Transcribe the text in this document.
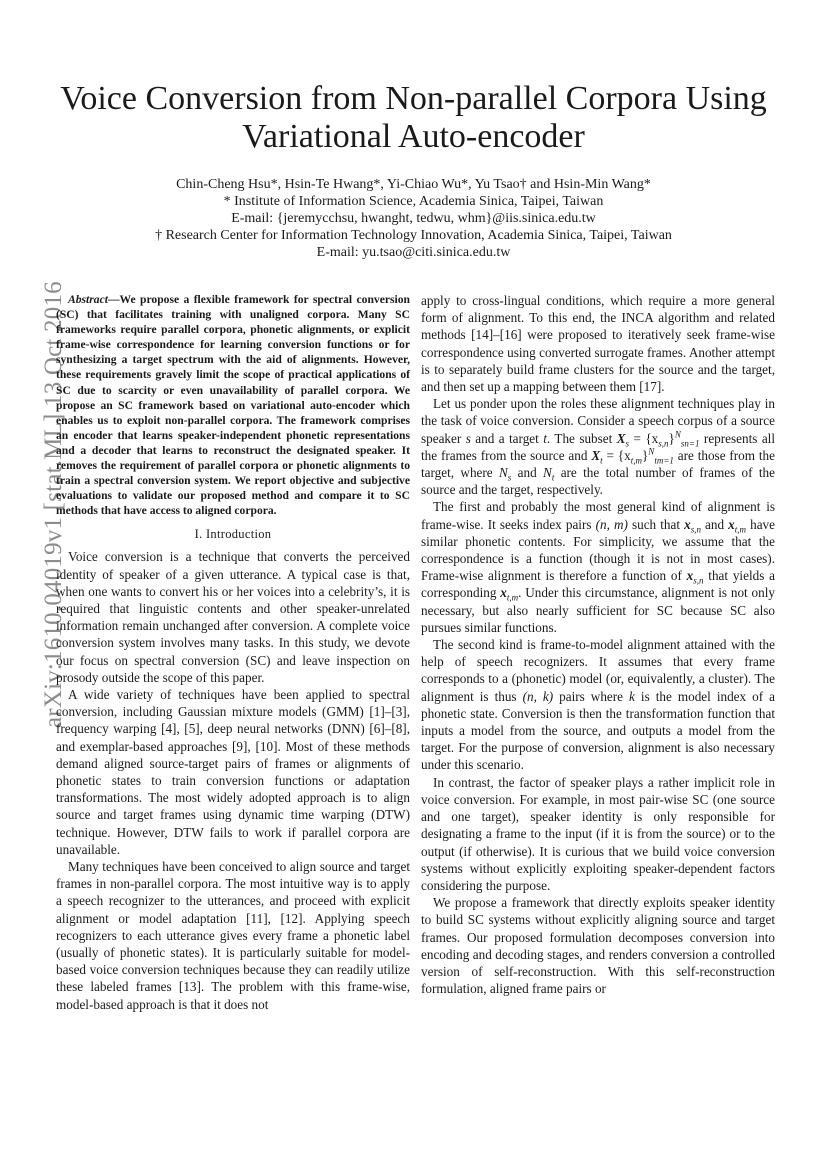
Voice Conversion from Non-parallel Corpora Using Variational Auto-encoder
Chin-Cheng Hsu*, Hsin-Te Hwang*, Yi-Chiao Wu*, Yu Tsao† and Hsin-Min Wang*
* Institute of Information Science, Academia Sinica, Taipei, Taiwan
E-mail: {jeremycchsu, hwanght, tedwu, whm}@iis.sinica.edu.tw
† Research Center for Information Technology Innovation, Academia Sinica, Taipei, Taiwan
E-mail: yu.tsao@citi.sinica.edu.tw
arXiv:1610.04019v1 [stat.ML] 13 Oct 2016 Abstract—We propose a flexible framework for spectral conversion (SC) that facilitates training with unaligned corpora. Many SC frameworks require parallel corpora, phonetic alignments, or explicit frame-wise correspondence for learning conversion functions or for synthesizing a target spectrum with the aid of alignments. However, these requirements gravely limit the scope of practical applications of SC due to scarcity or even unavailability of parallel corpora. We propose an SC framework based on variational auto-encoder which enables us to exploit non-parallel corpora. The framework comprises an encoder that learns speaker-independent phonetic representations and a decoder that learns to reconstruct the designated speaker. It removes the requirement of parallel corpora or phonetic alignments to train a spectral conversion system. We report objective and subjective evaluations to validate our proposed method and compare it to SC methods that have access to aligned corpora.

I. Introduction

Voice conversion is a technique that converts the perceived identity of speaker of a given utterance. A typical case is that, when one wants to convert his or her voices into a celebrity’s, it is required that linguistic contents and other speaker-unrelated information remain unchanged after conversion. A complete voice conversion system involves many tasks. In this study, we devote our focus on spectral conversion (SC) and leave inspection on prosody outside the scope of this paper.

A wide variety of techniques have been applied to spectral conversion, including Gaussian mixture models (GMM) [1]–[3], frequency warping [4], [5], deep neural networks (DNN) [6]–[8], and exemplar-based approaches [9], [10]. Most of these methods demand aligned source-target pairs of frames or alignments of phonetic states to train conversion functions or adaptation transformations. The most widely adopted approach is to align source and target frames using dynamic time warping (DTW) technique. However, DTW fails to work if parallel corpora are unavailable.

Many techniques have been conceived to align source and target frames in non-parallel corpora. The most intuitive way is to apply a speech recognizer to the utterances, and proceed with explicit alignment or model adaptation [11], [12]. Applying speech recognizers to each utterance gives every frame a phonetic label (usually of phonetic states). It is particularly suitable for model-based voice conversion techniques because they can readily utilize these labeled frames [13]. The problem with this frame-wise, model-based approach is that it does not

apply to cross-lingual conditions, which require a more general form of alignment. To this end, the INCA algorithm and related methods [14]–[16] were proposed to iteratively seek frame-wise correspondence using converted surrogate frames. Another attempt is to separately build frame clusters for the source and the target, and then set up a mapping between them [17].

Let us ponder upon the roles these alignment techniques play in the task of voice conversion. Consider a speech corpus of a source speaker s and a target t. The subset $X_s = \{x_{s,n}\}^N_{sn=1}$ represents all the frames from the source and $X_t = \{x_{t,m}\}^N_{tm=1}$ are those from the target, where $N_s$ and $N_t$ are the total number of frames of the source and the target, respectively.

The first and probably the most general kind of alignment is frame-wise. It seeks index pairs (n, m) such that $x_{s,n}$ and $x_{t,m}$ have similar phonetic contents. For simplicity, we assume that the correspondence is a function (though it is not in most cases). Frame-wise alignment is therefore a function of $x_{s,n}$ that yields a corresponding $x_{t,m}$. Under this circumstance, alignment is not only necessary, but also nearly sufficient for SC because SC also pursues similar functions.

The second kind is frame-to-model alignment attained with the help of speech recognizers. It assumes that every frame corresponds to a (phonetic) model (or, equivalently, a cluster). The alignment is thus (n, k) pairs where k is the model index of a phonetic state. Conversion is then the transformation function that inputs a model from the source, and outputs a model from the target. For the purpose of conversion, alignment is also necessary under this scenario.

In contrast, the factor of speaker plays a rather implicit role in voice conversion. For example, in most pair-wise SC (one source and one target), speaker identity is only responsible for designating a frame to the input (if it is from the source) or to the output (if otherwise). It is curious that we build voice conversion systems without explicitly exploiting speaker-dependent factors considering the purpose.

We propose a framework that directly exploits speaker identity to build SC systems without explicitly aligning source and target frames. Our proposed formulation decomposes conversion into encoding and decoding stages, and renders conversion a controlled version of self-reconstruction. With this self-reconstruction formulation, aligned frame pairs or
